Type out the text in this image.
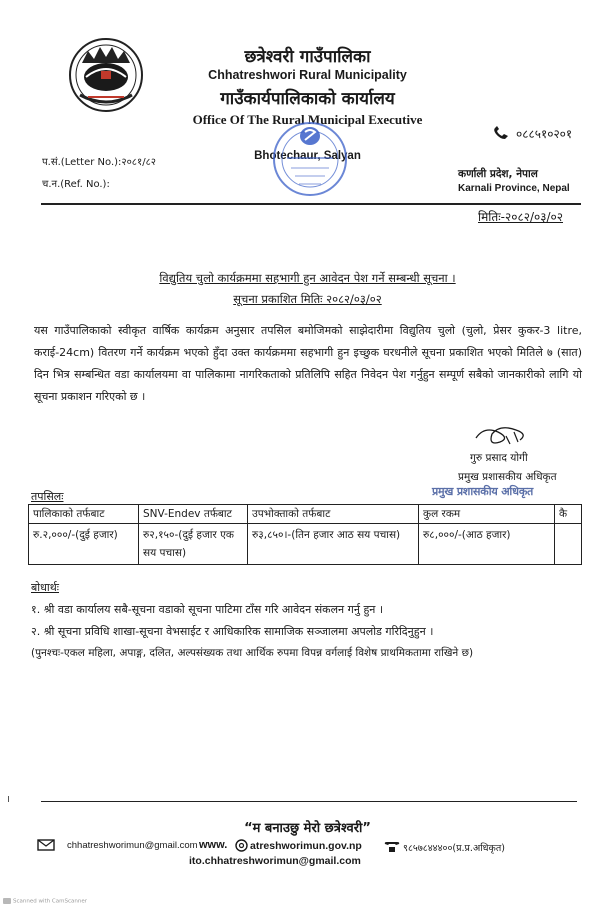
छत्रेश्वरी गाउँपालिका
Chhatreshwori Rural Municipality
गाउँकार्यपालिकाको कार्यालय
Office Of The Rural Municipal Executive
Bhotechaur, Salyan
०८८५१०२०१
प.सं.(Letter No.):२०८१/८२
च.न.(Ref. No.):
कर्णाली प्रदेश, नेपाल
Karnali Province, Nepal
मितिः-२०८२/०३/०२
विद्युतिय चुलो कार्यक्रममा सहभागी हुन आवेदन पेश गर्ने सम्बन्धी सूचना ।
सूचना प्रकाशित मितिः २०८२/०३/०२
यस गाउँपालिकाको स्वीकृत वार्षिक कार्यक्रम अनुसार तपसिल बमोजिमको साझेदारीमा विद्युतिय चुलो (चुलो, प्रेसर कुकर-3 litre, कराई-24cm) वितरण गर्ने कार्यक्रम भएको हुँदा उक्त कार्यक्रममा सहभागी हुन इच्छुक घरधनीले सूचना प्रकाशित भएको मितिले ७ (सात) दिन भित्र सम्बन्धित वडा कार्यालयमा वा पालिकामा नागरिकताको प्रतिलिपि सहित निवेदन पेश गर्नुहुन सम्पूर्ण सबैको जानकारीको लागि यो सूचना प्रकाशन गरिएको छ ।
गुरु प्रसाद योगी
प्रमुख प्रशासकीय अधिकृत
प्रमुख प्रशासकीय अधिकृत
तपसिलः
पालिकाको तर्फबाट	SNV-Endev तर्फबाट	उपभोक्ताको तर्फबाट	कुल रकम	कै
रु.२,०००/-(दुई हजार)	रु२,१५०-(दुई हजार एक सय पचास)	रु३,८५०।-(तिन हजार आठ सय पचास)	रु८,०००/-(आठ हजार)	
बोधार्थः
१. श्री वडा कार्यालय सबै-सूचना वडाको सूचना पाटिमा टाँस गरि आवेदन संकलन गर्नु हुन ।
२. श्री सूचना प्रविधि शाखा-सूचना वेभसाईट र आधिकारिक सामाजिक सञ्जालमा अपलोड गरिदिनुहुन ।
(पुनश्चः-एकल महिला, अपाङ्ग, दलित, अल्पसंख्यक तथा आर्थिक रुपमा विपन्न वर्गलाई विशेष प्राथमिकतामा राखिने छ)
“म बनाउछु मेरो छत्रेश्वरी”
chhatreshworimun@gmail.com www. atreshworimun.gov.np
ito.chhatreshworimun@gmail.com
९८५७८४४४००(प्र.प्र.अधिकृत)
Scanned with CamScanner
